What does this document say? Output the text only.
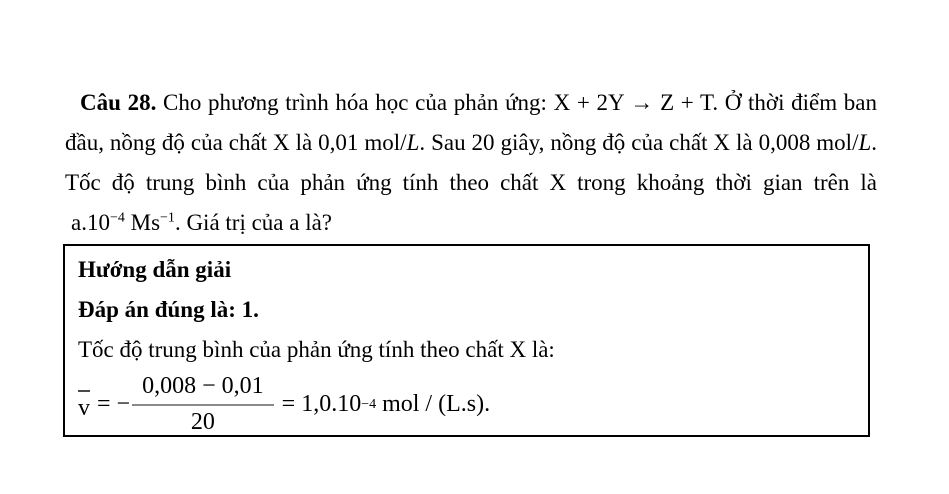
Câu 28. Cho phương trình hóa học của phản ứng: X + 2Y → Z + T. Ở thời điểm ban
đầu, nồng độ của chất X là 0,01 mol/L. Sau 20 giây, nồng độ của chất X là 0,008 mol/L.
Tốc độ trung bình của phản ứng tính theo chất X trong khoảng thời gian trên là
$a.10^{-4}$ $Ms^{-1}$. Giá trị của a là?
Hướng dẫn giải
Đáp án đúng là: 1.
Tốc độ trung bình của phản ứng tính theo chất X là:
v = − $\frac{0,008 - 0,01}{20} = 1,0.10 -4$ mol / (L.s).
